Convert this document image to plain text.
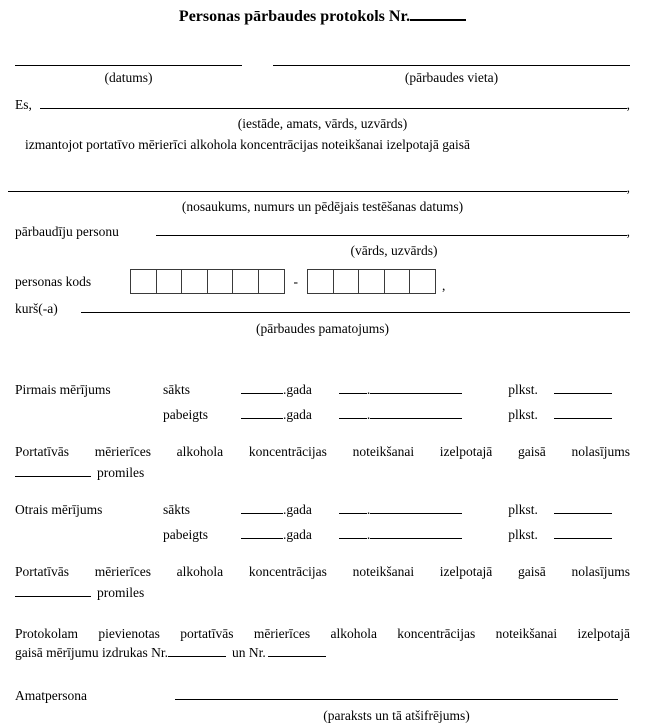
Personas pārbaudes protokols Nr.
(datums)	(pārbaudes vieta)
Es,	,
(iestāde, amats, vārds, uzvārds)
izmantojot portatīvo mērierīci alkohola koncentrācijas noteikšanai izelpotajā gaisā
,
(nosaukums, numurs un pēdējais testēšanas datums)
pārbaudīju personu	,
(vārds, uzvārds)
personas kods	-	,
kurš(-a)
(pārbaudes pamatojums)
Pirmais mērījums	sākts	.gada	.	plkst.
pabeigts	.gada	.	plkst.
Portatīvās mērierīces alkohola koncentrācijas noteikšanai izelpotajā gaisā nolasījums
promiles
Otrais mērījums	sākts	.gada	.	plkst.
pabeigts	.gada	.	plkst.
Portatīvās mērierīces alkohola koncentrācijas noteikšanai izelpotajā gaisā nolasījums
promiles
Protokolam pievienotas portatīvās mērierīces alkohola koncentrācijas noteikšanai izelpotajā
gaisā mērījumu izdrukas Nr.	un Nr.
Amatpersona
(paraksts un tā atšifrējums)
